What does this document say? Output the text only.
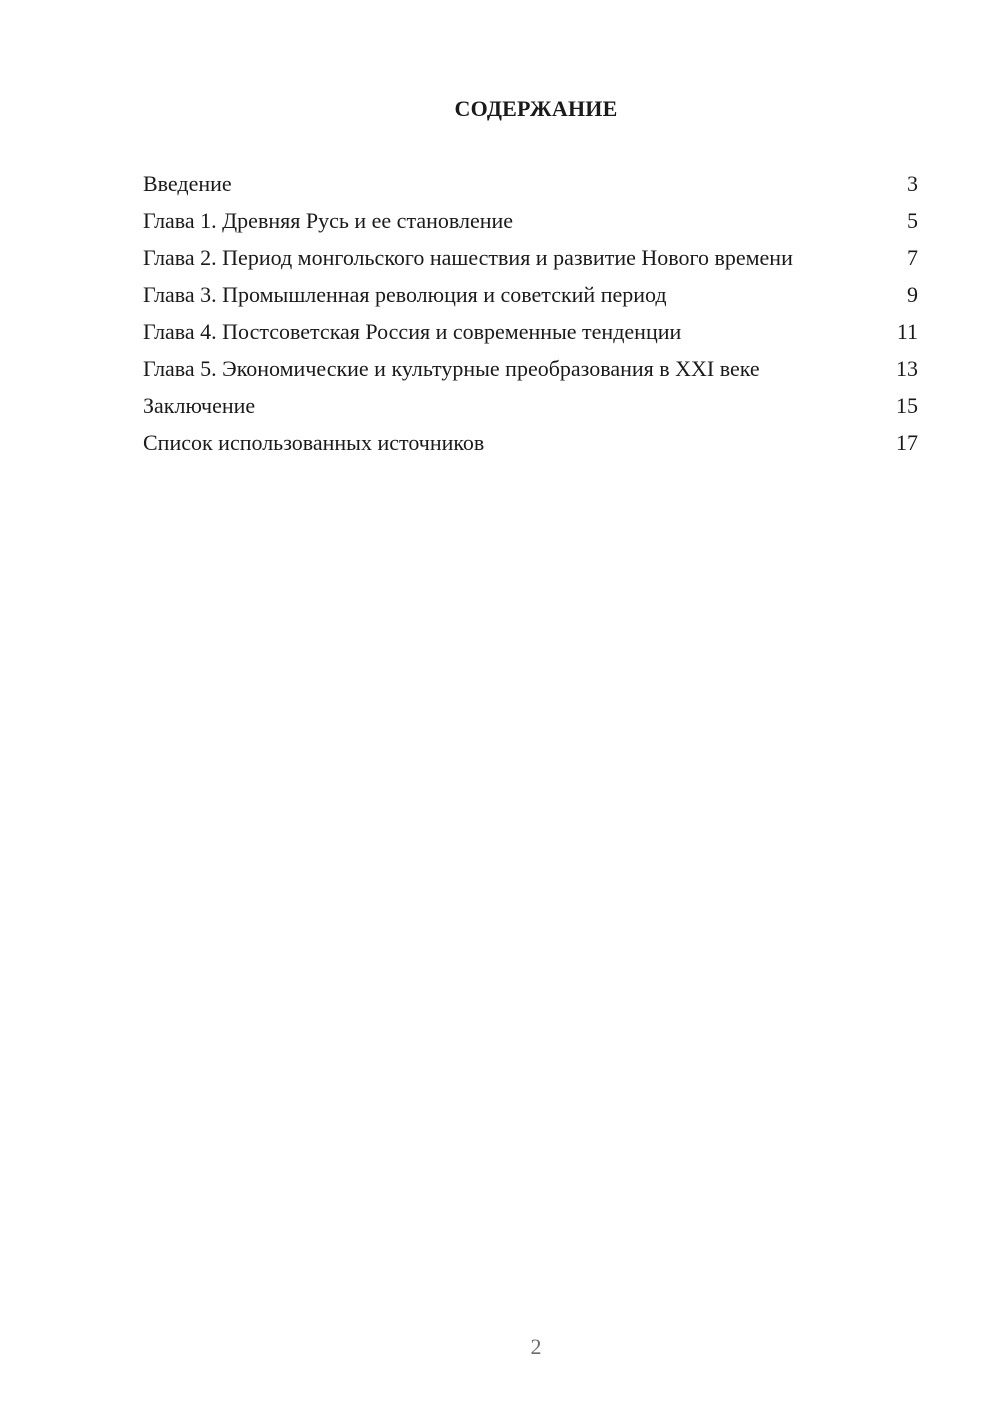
СОДЕРЖАНИЕ
Введение	3
Глава 1. Древняя Русь и ее становление	5
Глава 2. Период монгольского нашествия и развитие Нового времени	7
Глава 3. Промышленная революция и советский период	9
Глава 4. Постсоветская Россия и современные тенденции	11
Глава 5. Экономические и культурные преобразования в XXI веке	13
Заключение	15
Список использованных источников	17
2
